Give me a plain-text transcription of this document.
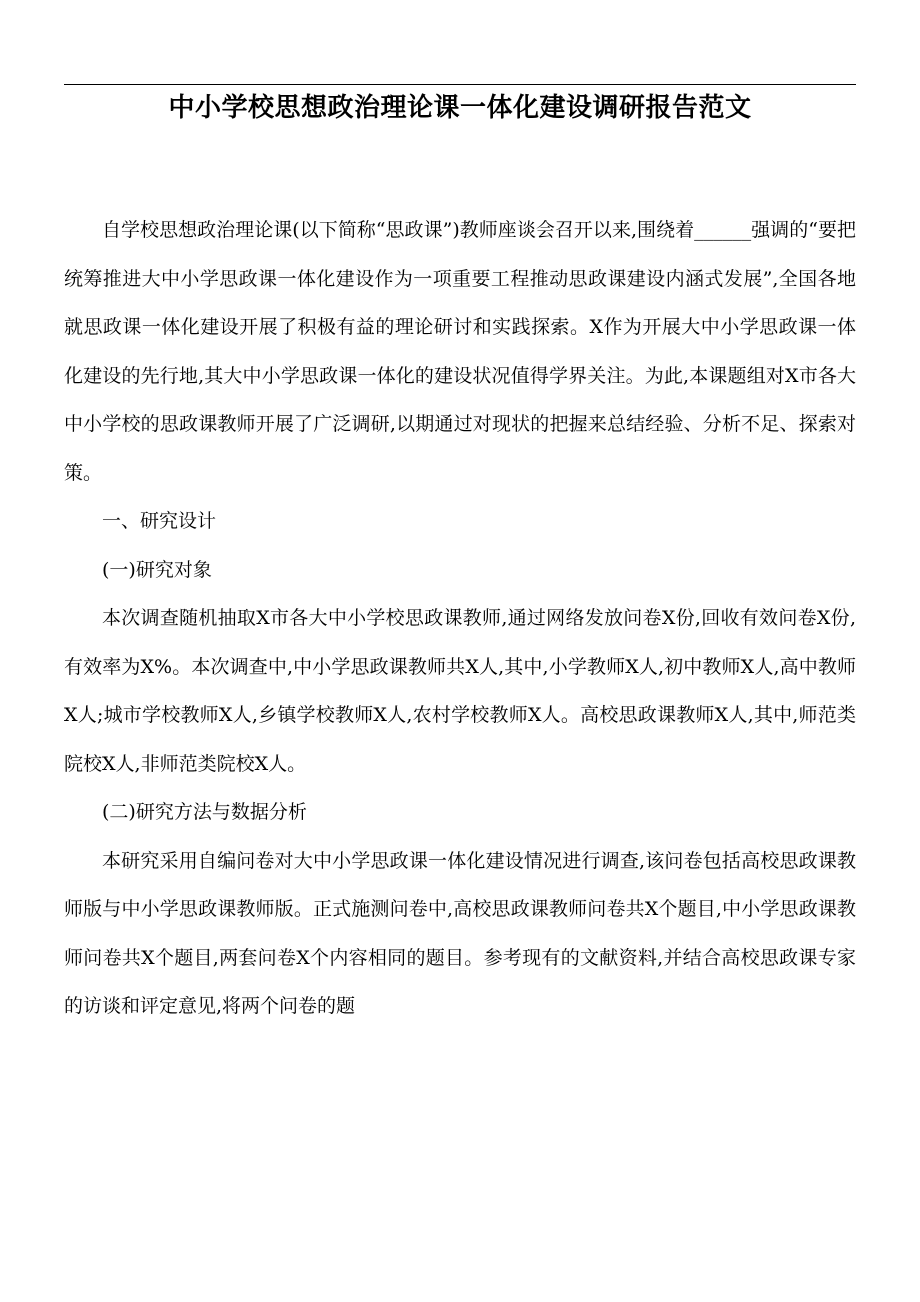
中小学校思想政治理论课一体化建设调研报告范文

自学校思想政治理论课(以下简称“思政课”)教师座谈会召开以来,围绕着______强调的“要把统筹推进大中小学思政课一体化建设作为一项重要工程推动思政课建设内涵式发展”,全国各地就思政课一体化建设开展了积极有益的理论研讨和实践探索。X作为开展大中小学思政课一体化建设的先行地,其大中小学思政课一体化的建设状况值得学界关注。为此,本课题组对X市各大中小学校的思政课教师开展了广泛调研,以期通过对现状的把握来总结经验、分析不足、探索对策。

一、研究设计

(一)研究对象

本次调查随机抽取X市各大中小学校思政课教师,通过网络发放问卷X份,回收有效问卷X份,有效率为X%。本次调查中,中小学思政课教师共X人,其中,小学教师X人,初中教师X人,高中教师X人;城市学校教师X人,乡镇学校教师X人,农村学校教师X人。高校思政课教师X人,其中,师范类院校X人,非师范类院校X人。

(二)研究方法与数据分析

本研究采用自编问卷对大中小学思政课一体化建设情况进行调查,该问卷包括高校思政课教师版与中小学思政课教师版。正式施测问卷中,高校思政课教师问卷共X个题目,中小学思政课教师问卷共X个题目,两套问卷X个内容相同的题目。参考现有的文献资料,并结合高校思政课专家的访谈和评定意见,将两个问卷的题
